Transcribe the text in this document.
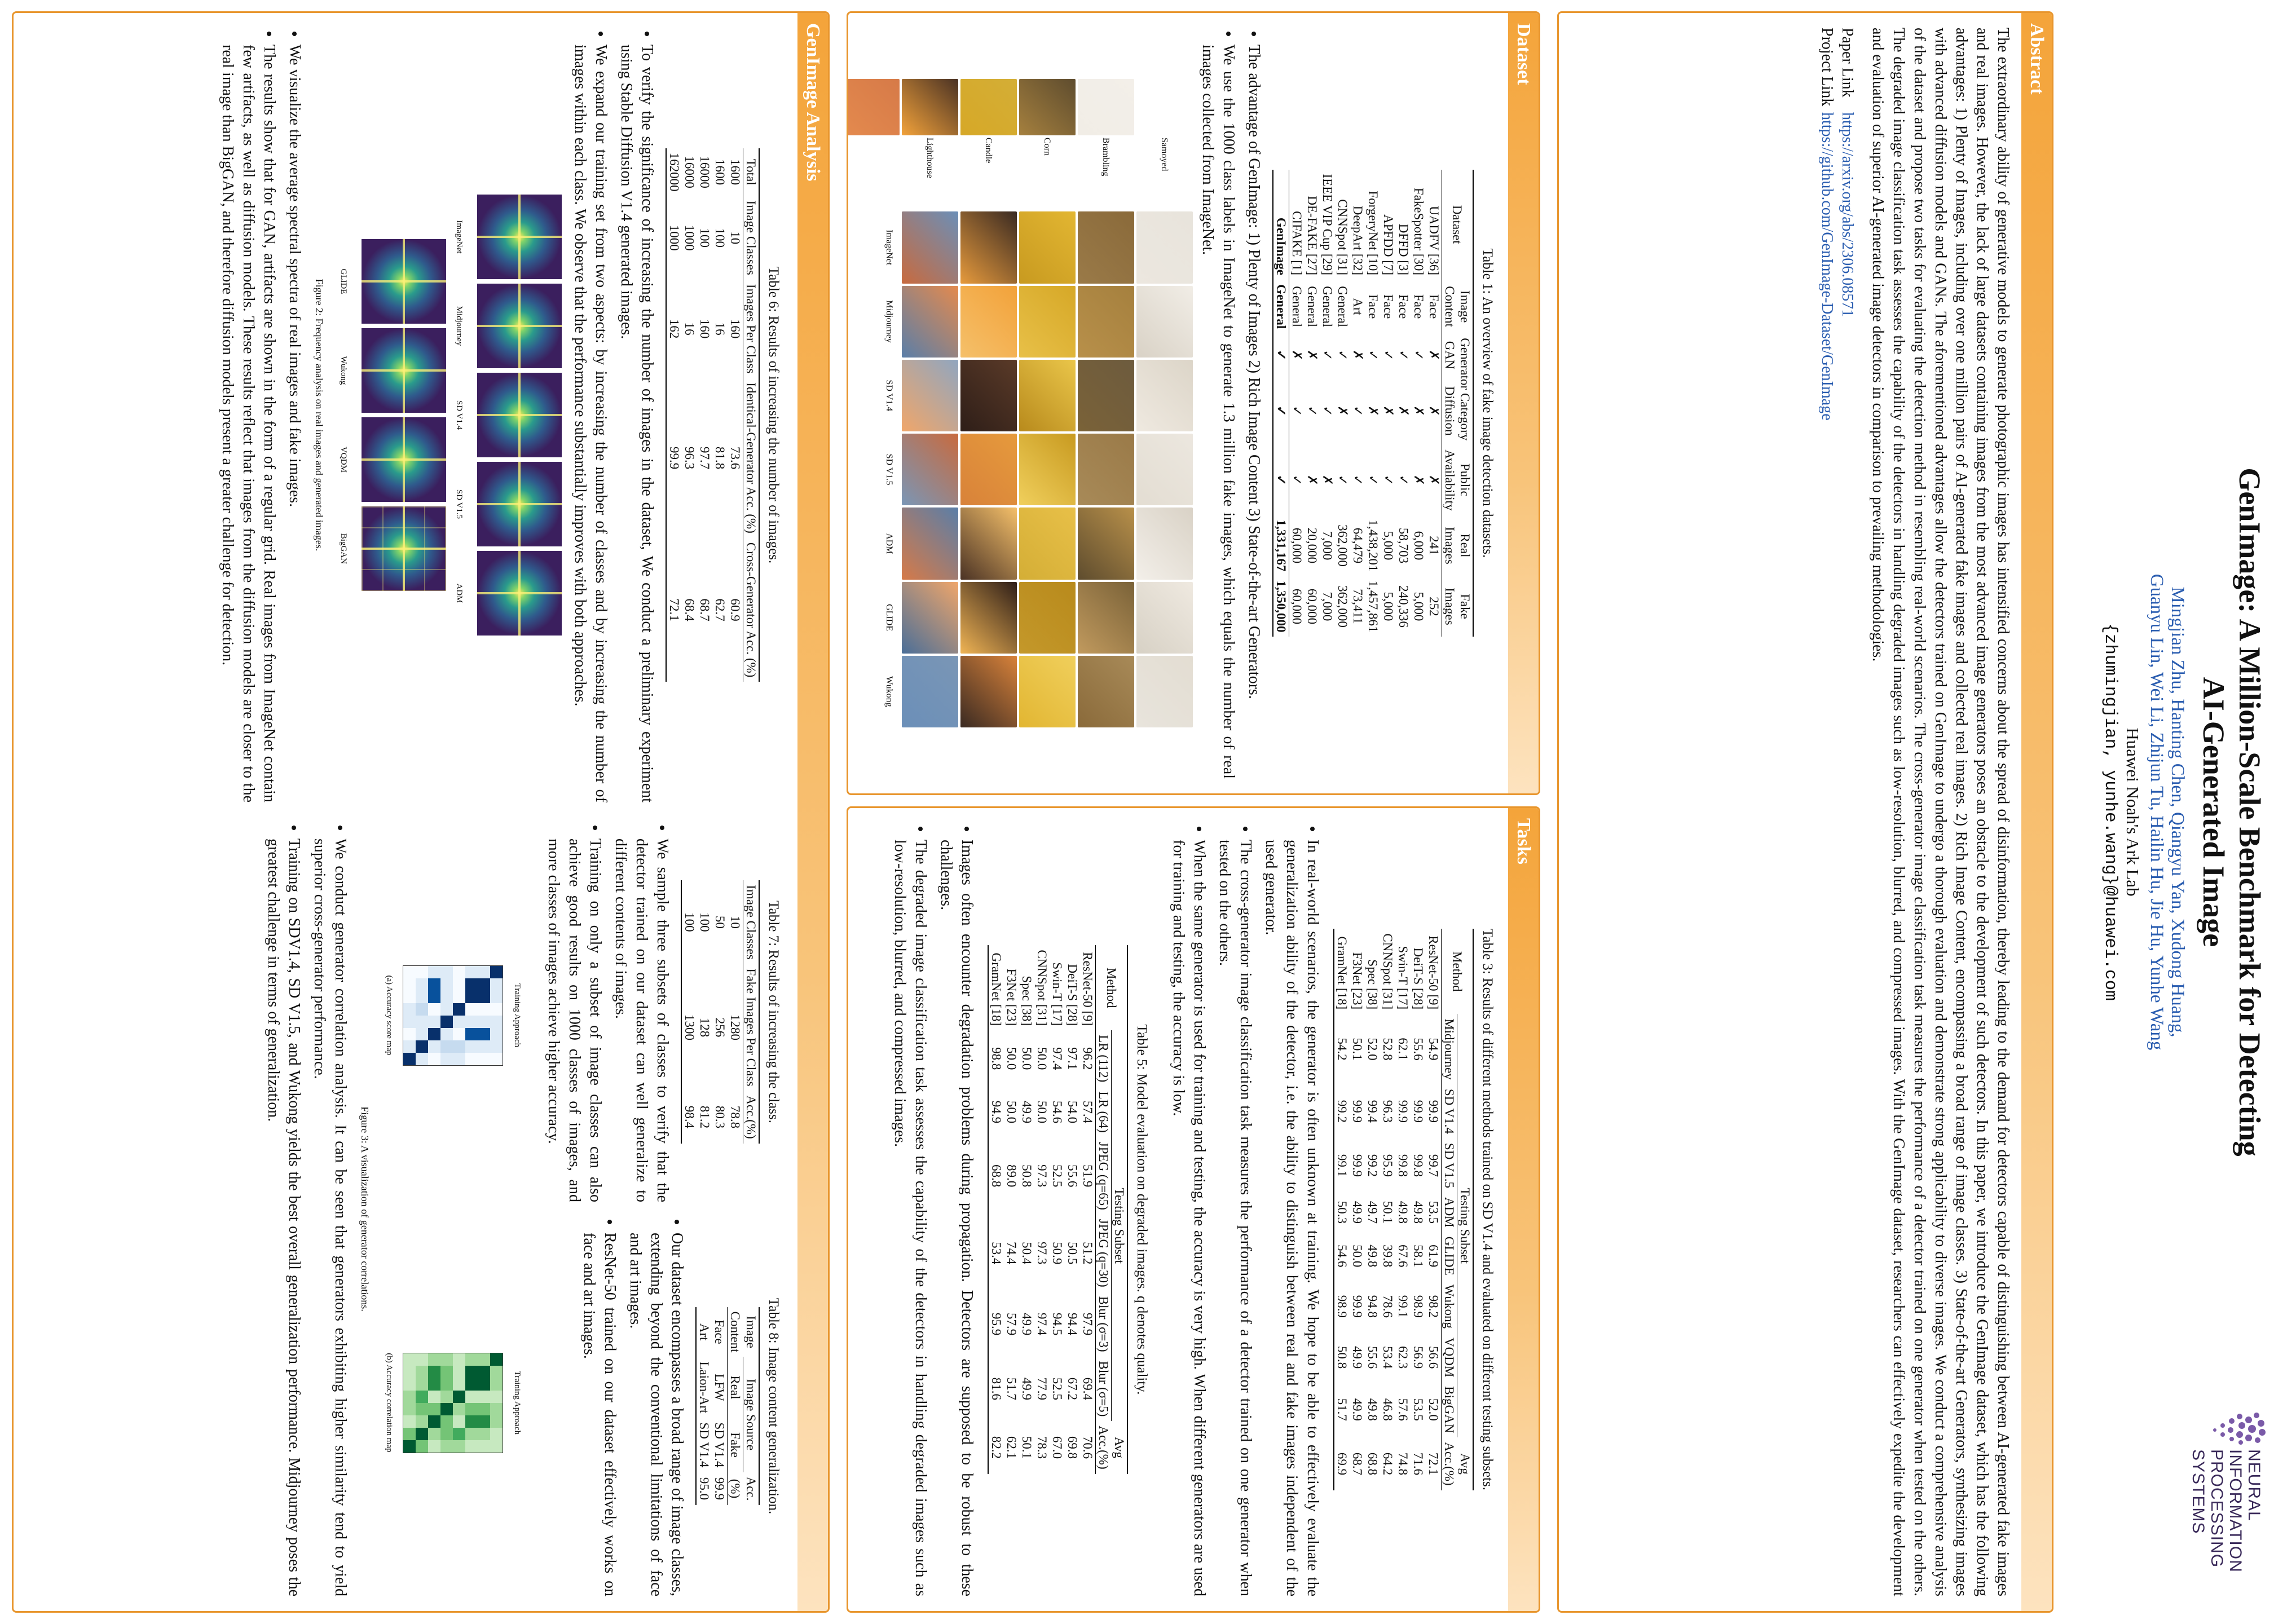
GenImage: A Million-Scale Benchmark for Detecting
AI-Generated Image
Mingjian Zhu, Hanting Chen, Qiangyu Yan, Xudong Huang,
Guanyu Lin, Wei Li, Zhijun Tu, Hailin Hu, Jie Hu, Yunhe Wang
Huawei Noah's Ark Lab
{zhumingjian, yunhe.wang}@huawei.com
NEURAL INFORMATION
PROCESSING SYSTEMS
Abstract
The extraordinary ability of generative models to generate photographic images has intensified concerns about the spread of disinformation, thereby leading to the demand for detectors capable of distinguishing between AI-generated fake images and real images. However, the lack of large datasets containing images from the most advanced image generators poses an obstacle to the development of such detectors. In this paper, we introduce the GenImage dataset, which has the following advantages: 1) Plenty of Images, including over one million pairs of AI-generated fake images and collected real images. 2) Rich Image Content, encompassing a broad range of image classes. 3) State-of-the-art Generators, synthesizing images with advanced diffusion models and GANs. The aforementioned advantages allow the detectors trained on GenImage to undergo a thorough evaluation and demonstrate strong applicability to diverse images. We conduct a comprehensive analysis of the dataset and propose two tasks for evaluating the detection method in resembling real-world scenarios. The cross-generator image classification task measures the performance of a detector trained on one generator when tested on the others. The degraded image classification task assesses the capability of the detectors in handling degraded images such as low-resolution, blurred, and compressed images. With the GenImage dataset, researchers can effectively expedite the development and evaluation of superior AI-generated image detectors in comparison to prevailing methodologies.
Paper Linkhttps://arxiv.org/abs/2306.08571
Project Linkhttps://github.com/GenImage-Dataset/GenImage
Dataset
Table 1: An overview of fake image detection datasets.
Dataset	Image	Generator Category		Public	Real	Fake
	Content	GAN	Diffusion	Availability	Images	Images
UADFV [36]	Face	✗	✗	✗	241	252
FakeSpotter [30]	Face	✓	✗	✗	6,000	5,000
DFFD [3]	Face	✓	✗	✓	58,703	240,336
APFDD [7]	Face	✓	✗	✓	5,000	5,000
ForgeryNet [10]	Face	✓	✗	✓	1,438,201	1,457,861
DeepArt [32]	Art	✗	✓	✓	64,479	73,411
CNNSpot [31]	General	✓	✗	✓	362,000	362,000
IEEE VIP Cup [29]	General	✓	✓	✗	7,000	7,000
DE-FAKE [27]	General	✗	✓	✗	20,000	60,000
CIFAKE [1]	General	✗	✓	✓	60,000	60,000
GenImage	General	✓	✓	✓	1,331,167	1,350,000
• The advantage of GenImage: 1) Plenty of Images 2) Rich Image Content 3) State-of-the-art Generators.
• We use the 1000 class labels in ImageNet to generate 1.3 million fake images, which equals the number of real images collected from ImageNet.
Samoyed
Brambling
Corn
Candle
Lighthouse
ImageNet
Midjourney
SD V1.4
SD V1.5
ADM
GLIDE
Wukong
Tasks
Table 3: Results of different methods trained on SD V1.4 and evaluated on different testing subsets.
Method	Testing Subset								Avg
	Midjourney	SD V1.4	SD V1.5	ADM	GLIDE	Wukong	VQDM	BigGAN	Acc.(%)
ResNet-50 [9]	54.9	99.9	99.7	53.5	61.9	98.2	56.6	52.0	72.1
DeiT-S [28]	55.6	99.9	99.8	49.8	58.1	98.9	56.9	53.5	71.6
Swin-T [17]	62.1	99.9	99.8	49.8	67.6	99.1	62.3	57.6	74.8
CNNSpot [31]	52.8	96.3	95.9	50.1	39.8	78.6	53.4	46.8	64.2
Spec [38]	52.0	99.4	99.2	49.7	49.8	94.8	55.6	49.8	68.8
F3Net [23]	50.1	99.9	99.9	49.9	50.0	99.9	49.9	49.9	68.7
GramNet [18]	54.2	99.2	99.1	50.3	54.6	98.9	50.8	51.7	69.9
• In real-world scenarios, the generator is often unknown at training. We hope to be able to effectively evaluate the generalization ability of the detector, i.e. the ability to distinguish between real and fake images independent of the used generator.
• The cross-generator image classification task measures the performance of a detector trained on one generator when tested on the others.
• When the same generator is used for training and testing, the accuracy is very high. When different generators are used for training and testing, the accuracy is low.
Table 5: Model evaluation on degraded images. q denotes quality.
Method	Testing Subset						Avg
	LR (112)	LR (64)	JPEG (q=65)	JPEG (q=30)	Blur (σ=3)	Blur (σ=5)	Acc.(%)
ResNet-50 [9]	96.2	57.4	51.9	51.2	97.9	69.4	70.6
DeiT-S [28]	97.1	54.0	55.6	50.5	94.4	67.2	69.8
Swin-T [17]	97.4	54.6	52.5	50.9	94.5	52.5	67.0
CNNSpot [31]	50.0	50.0	97.3	97.3	97.4	77.9	78.3
Spec [38]	50.0	49.9	50.8	50.4	49.9	49.9	50.1
F3Net [23]	50.0	50.0	89.0	74.4	57.9	51.7	62.1
GramNet [18]	98.8	94.9	68.8	53.4	95.9	81.6	82.2
• Images often encounter degradation problems during propagation. Detectors are supposed to be robust to these challenges.
• The degraded image classification task assesses the capability of the detectors in handling degraded images such as low-resolution, blurred, and compressed images.
GenImage Analysis
Table 6: Results of increasing the number of images.
Total	Image Classes	Images Per Class	Identical-Generator Acc. (%)	Cross-Generator Acc. (%)
1600	10	160	73.6	60.9
1600	100	16	81.8	62.7
16000	100	160	97.7	68.7
16000	1000	16	96.3	68.4
162000	1000	162	99.9	72.1
• To verify the significance of increasing the number of images in the dataset, We conduct a preliminary experiment using Stable Diffusion V1.4 generated images.
• We expand our training set from two aspects: by increasing the number of classes and by increasing the number of images within each class. We observe that the performance substantially improves with both approaches.
ImageNet
Midjourney
SD V1.4
SD V1.5
ADM
GLIDE
Wukong
VQDM
BigGAN
Figure 2: Frequency analysis on real images and generated images.
• We visualize the average spectral spectra of real images and fake images.
• The results show that for GAN, artifacts are shown in the form of a regular grid. Real images from ImageNet contain few artifacts, as well as diffusion models. These results reflect that images from the diffusion models are closer to the real image than BigGAN, and therefore diffusion models present a greater challenge for detection.
Table 7: Results of increasing the class.
Image Classes	Fake Images Per Class	Acc.(%)
10	1280	78.8
50	256	80.3
100	128	81.2
100	1300	98.4
• We sample three subsets of classes to verify that the detector trained on our dataset can well generalize to different contents of images.
• Training on only a subset of image classes can also achieve good results on 1000 classes of images, and more classes of images achieve higher accuracy.
Table 8: Image content generalization.
Image	Image Source		Acc.
Content	Real	Fake	(%)
Face	LFW	SD V1.4	99.9
Art	Laion-Art	SD V1.4	95.0
• Our dataset encompasses a broad range of image classes, extending beyond the conventional limitations of face and art images.
• ResNet-50 trained on our dataset effectively works on face and art images.
Training Approach
(a) Accuracy score map
Training Approach
(b) Accuracy correlation map
Figure 3: A visualization of generator correlations.
• We conduct generator correlation analysis. It can be seen that generators exhibiting higher similarity tend to yield superior cross-generator performance.
• Training on SDV1.4, SD V1.5, and Wukong yields the best overall generalization performance. Midjourney poses the greatest challenge in terms of generalization.
